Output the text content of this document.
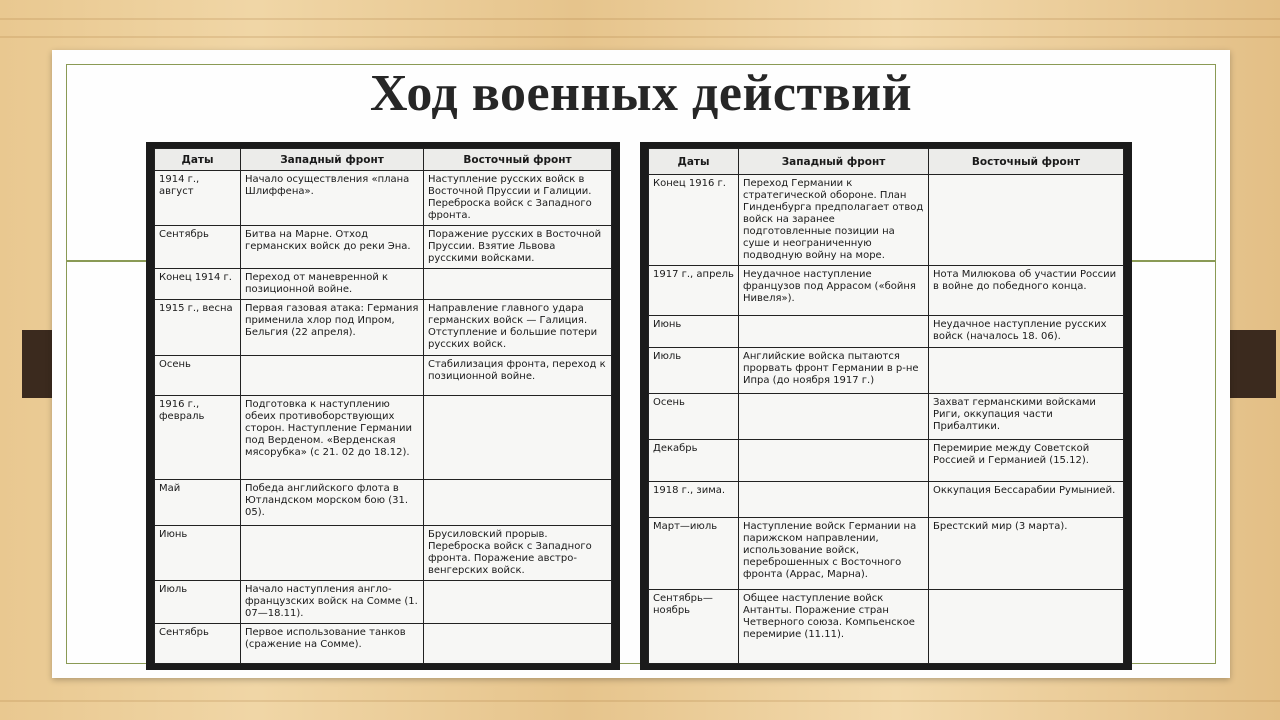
Ход военных действий
Даты	Западный фронт	Восточный фронт
1914 г., август	Начало осуществления «плана Шлиффена».	Наступление русских войск в Восточной Пруссии и Галиции. Переброска войск с Западного фронта.
Сентябрь	Битва на Марне. Отход германских войск до реки Эна.	Поражение русских в Восточной Пруссии. Взятие Львова русскими войсками.
Конец 1914 г.	Переход от маневренной к позиционной войне.	
1915 г., весна	Первая газовая атака: Германия применила хлор под Ипром, Бельгия (22 апреля).	Направление главного удара германских войск — Галиция. Отступление и большие потери русских войск.
Осень		Стабилизация фронта, переход к позиционной войне.
1916 г., февраль	Подготовка к наступлению обеих противоборствующих сторон. Наступление Германии под Верденом. «Верденская мясорубка» (с 21. 02 до 18.12).	
Май	Победа английского флота в Ютландском морском бою (31. 05).	
Июнь		Брусиловский прорыв. Переброска войск с Западного фронта. Поражение австро-венгерских войск.
Июль	Начало наступления англо-французских войск на Сомме (1. 07—18.11).	
Сентябрь	Первое использование танков (сражение на Сомме).	
Даты	Западный фронт	Восточный фронт
Конец 1916 г.	Переход Германии к стратегической обороне. План Гинденбурга предполагает отвод войск на заранее подготовленные позиции на суше и неограниченную подводную войну на море.	
1917 г., апрель	Неудачное наступление французов под Аррасом («бойня Нивеля»).	Нота Милюкова об участии России в войне до победного конца.
Июнь		Неудачное наступление русских войск (началось 18. 06).
Июль	Английские войска пытаются прорвать фронт Германии в р-не Ипра (до ноября 1917 г.)	
Осень		Захват германскими войсками Риги, оккупация части Прибалтики.
Декабрь		Перемирие между Советской Россией и Германией (15.12).
1918 г., зима.		Оккупация Бессарабии Румынией.
Март—июль	Наступление войск Германии на парижском направлении, использование войск, переброшенных с Восточного фронта (Аррас, Марна).	Брестский мир (3 марта).
Сентябрь—ноябрь	Общее наступление войск Антанты. Поражение стран Четверного союза. Компьенское перемирие (11.11).	
